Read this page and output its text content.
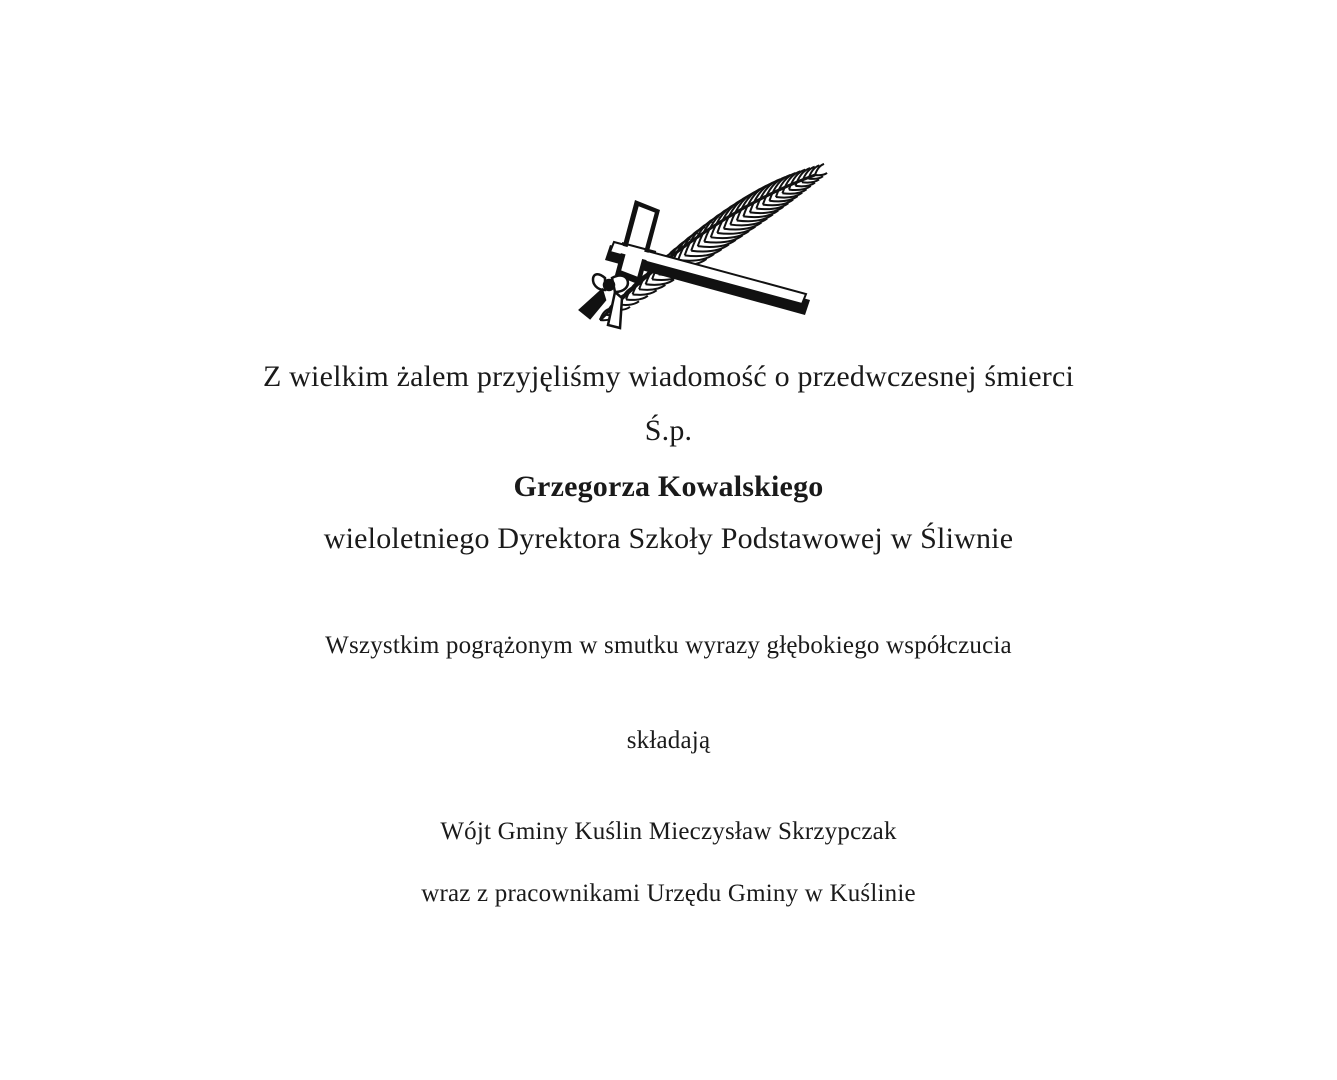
Z wielkim żalem przyjęliśmy wiadomość o przedwczesnej śmierci
Ś.p.
Grzegorza Kowalskiego
wieloletniego Dyrektora Szkoły Podstawowej w Śliwnie
Wszystkim pogrążonym w smutku wyrazy głębokiego współczucia
składają
Wójt Gminy Kuślin Mieczysław Skrzypczak
wraz z pracownikami Urzędu Gminy w Kuślinie
